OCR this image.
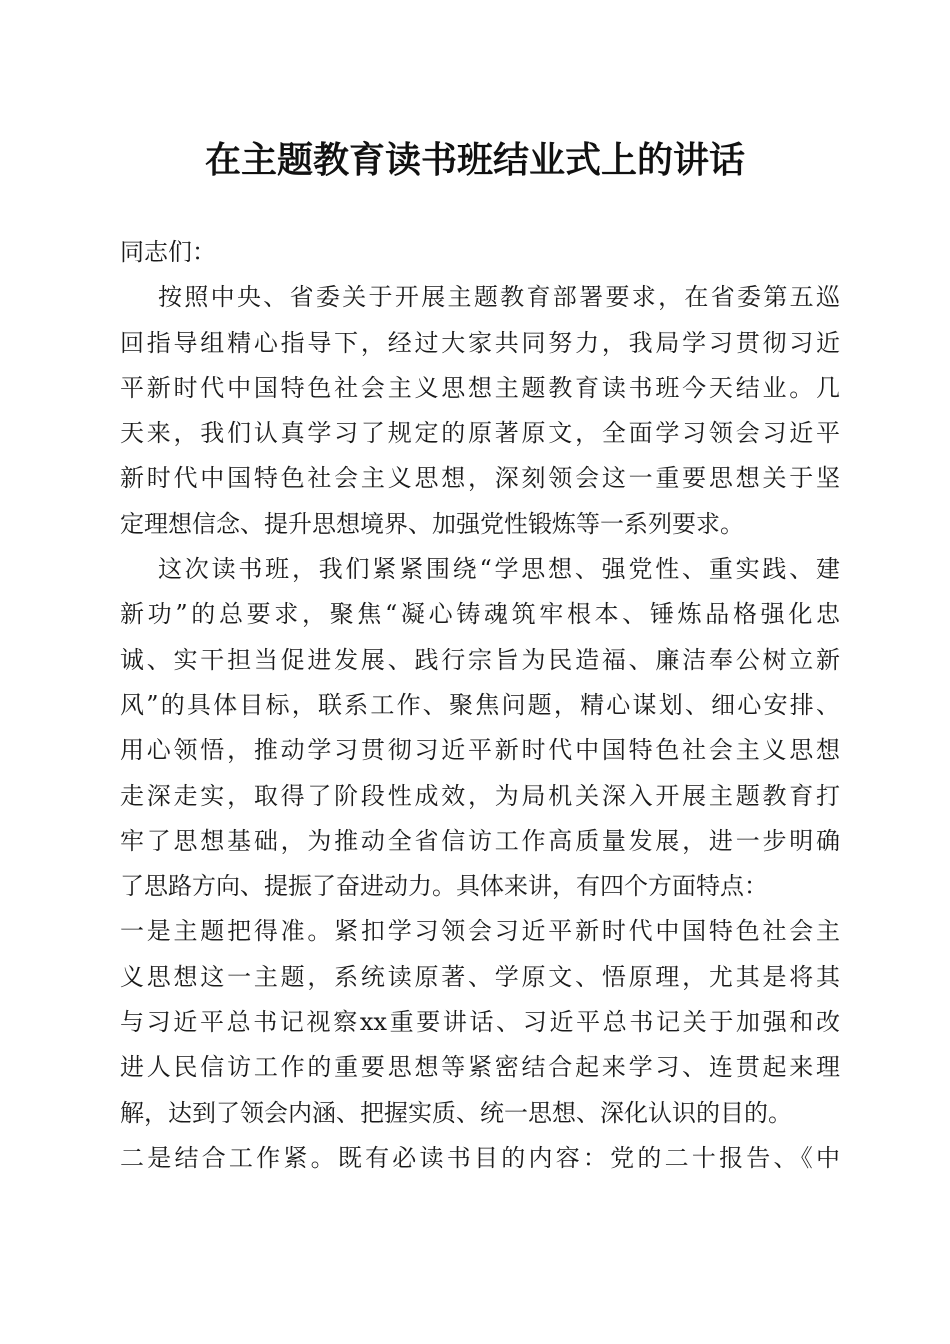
在主题教育读书班结业式上的讲话
同志们：
按照中央、省委关于开展主题教育部署要求，在省委第五巡
回指导组精心指导下，经过大家共同努力，我局学习贯彻习近
平新时代中国特色社会主义思想主题教育读书班今天结业。几
天来，我们认真学习了规定的原著原文，全面学习领会习近平
新时代中国特色社会主义思想，深刻领会这一重要思想关于坚
定理想信念、提升思想境界、加强党性锻炼等一系列要求。
这次读书班，我们紧紧围绕“学思想、强党性、重实践、建
新功”的总要求，聚焦“凝心铸魂筑牢根本、锤炼品格强化忠
诚、实干担当促进发展、践行宗旨为民造福、廉洁奉公树立新
风”的具体目标，联系工作、聚焦问题，精心谋划、细心安排、
用心领悟，推动学习贯彻习近平新时代中国特色社会主义思想
走深走实，取得了阶段性成效，为局机关深入开展主题教育打
牢了思想基础，为推动全省信访工作高质量发展，进一步明确
了思路方向、提振了奋进动力。具体来讲，有四个方面特点：
一是主题把得准。紧扣学习领会习近平新时代中国特色社会主
义思想这一主题，系统读原著、学原文、悟原理，尤其是将其
与习近平总书记视察xx重要讲话、习近平总书记关于加强和改
进人民信访工作的重要思想等紧密结合起来学习、连贯起来理
解，达到了领会内涵、把握实质、统一思想、深化认识的目的。
二是结合工作紧。既有必读书目的内容：党的二十报告、《中
